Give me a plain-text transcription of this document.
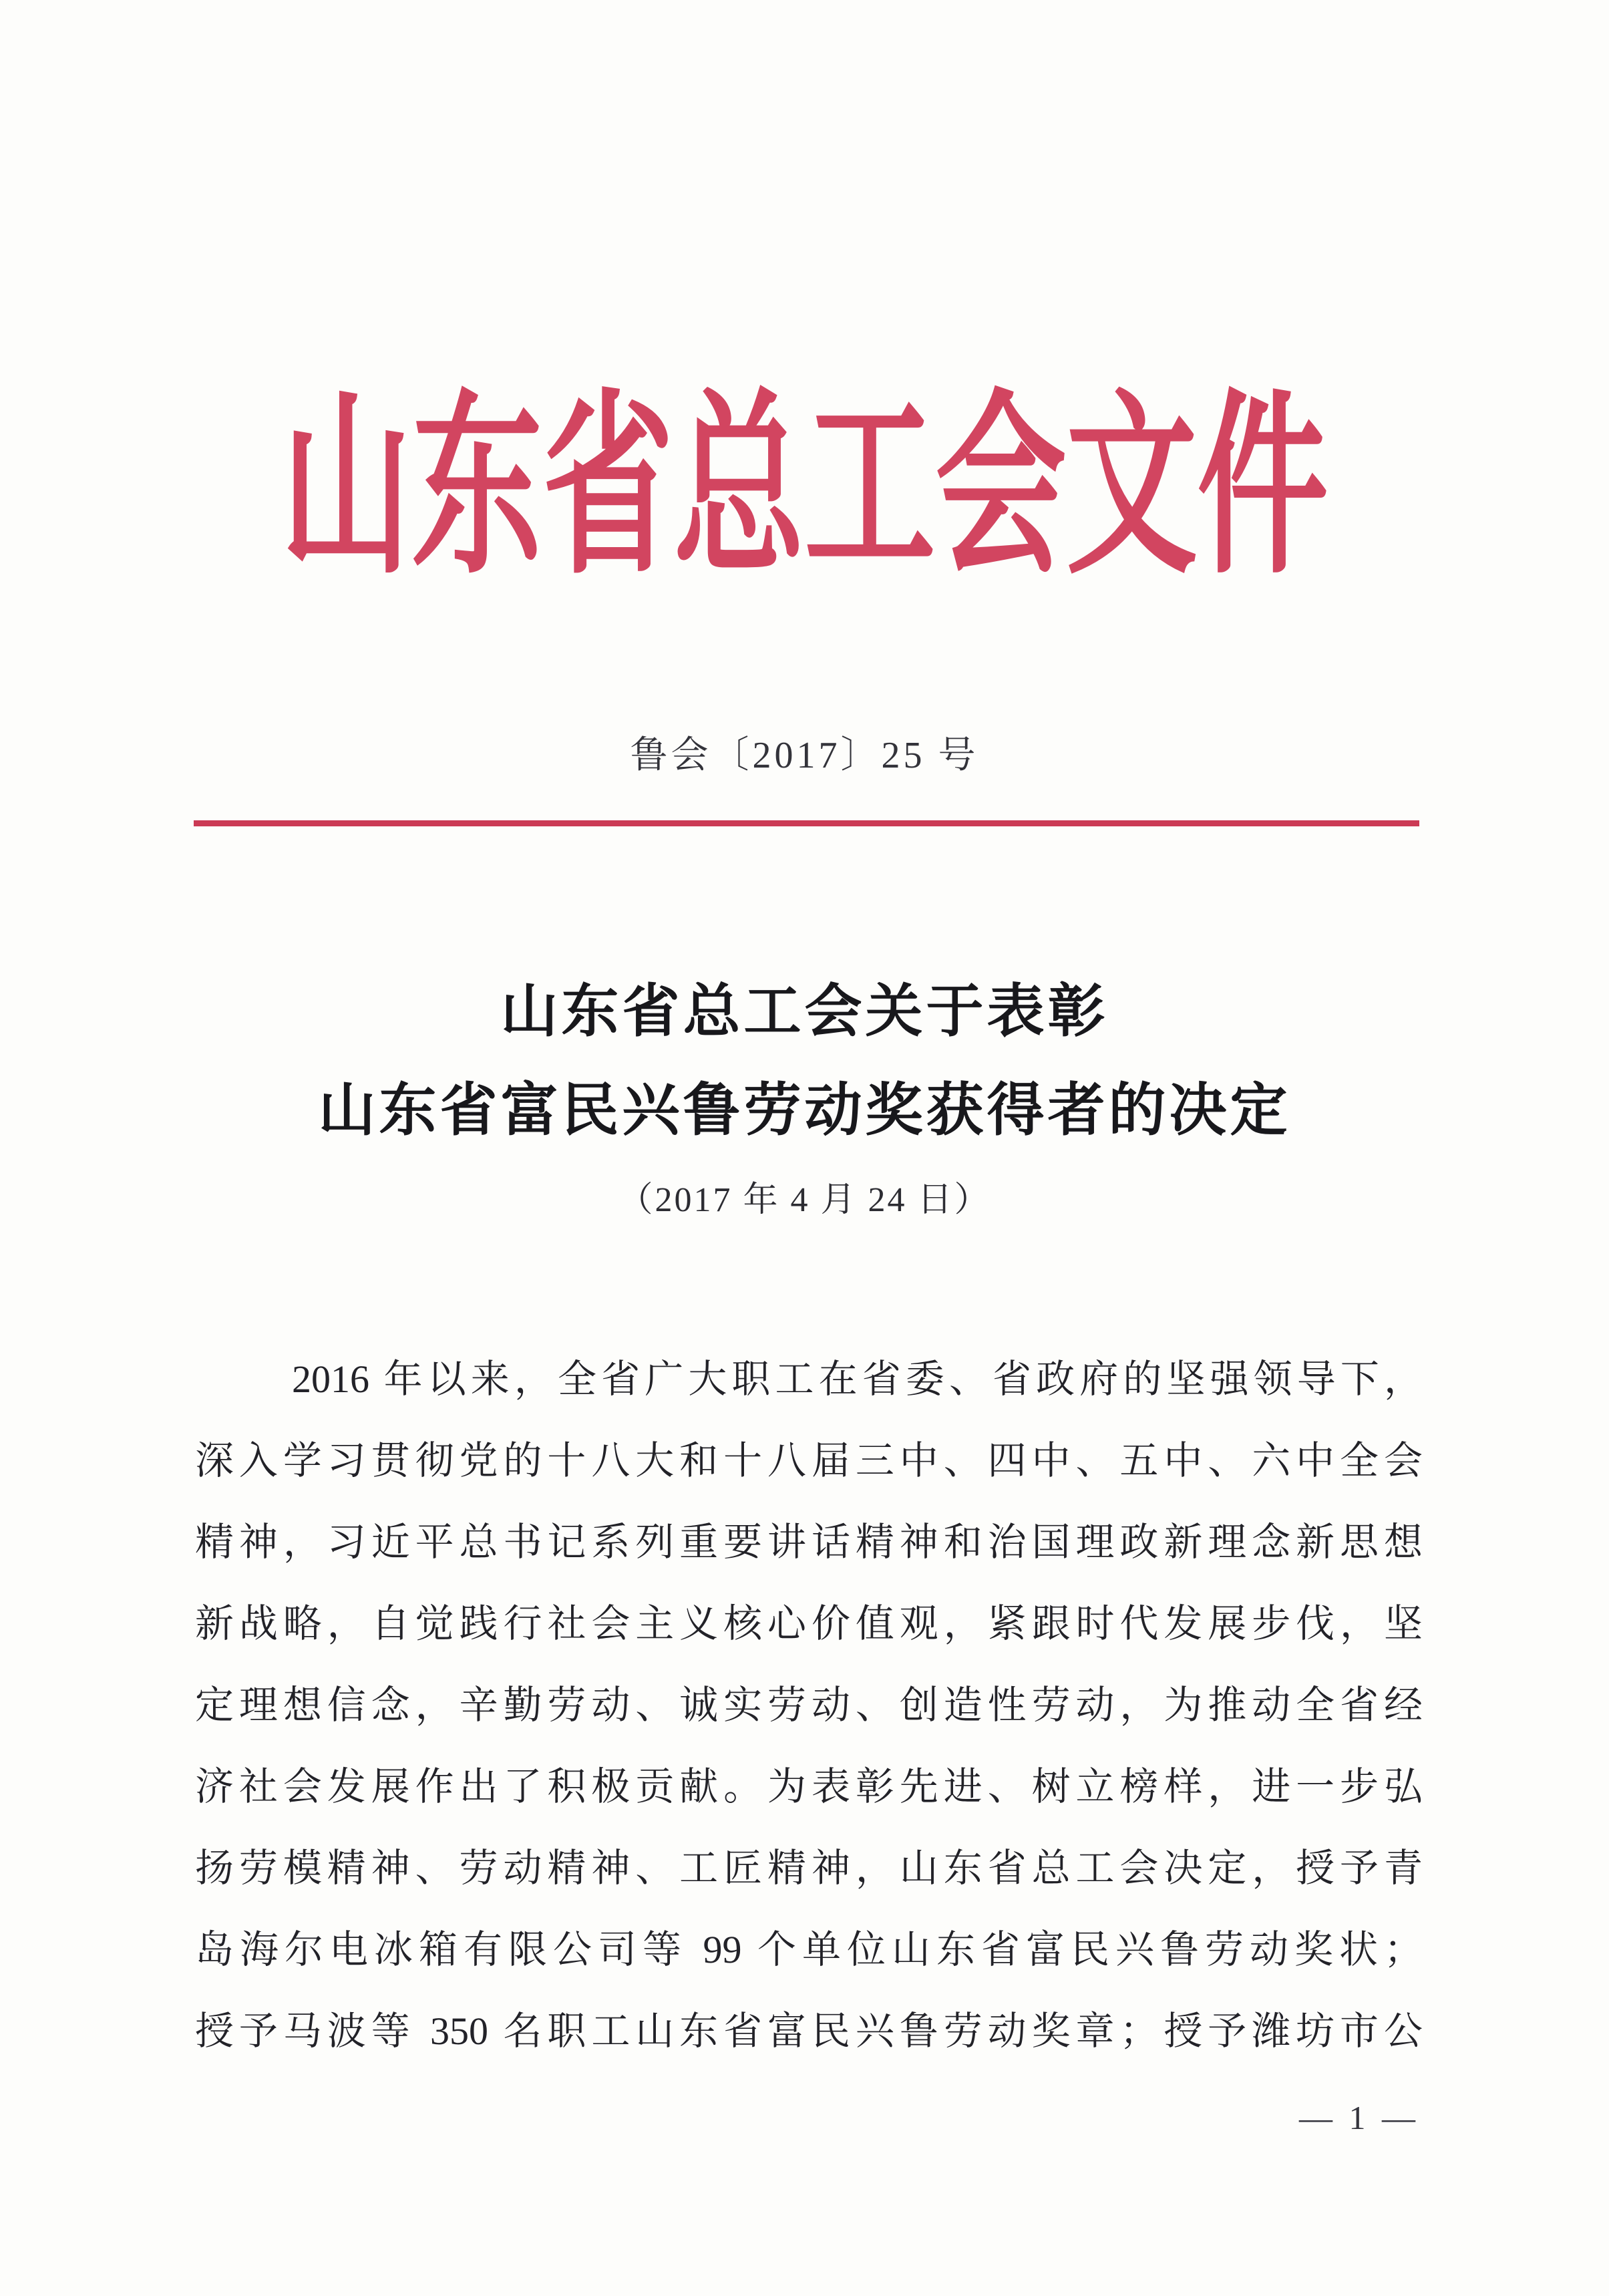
山东省总工会文件
鲁会〔2017〕25 号
山东省总工会关于表彰
山东省富民兴鲁劳动奖获得者的决定
（2017 年 4 月 24 日）
2016 年以来，全省广大职工在省委、省政府的坚强领导下，
深入学习贯彻党的十八大和十八届三中、四中、五中、六中全会
精神，习近平总书记系列重要讲话精神和治国理政新理念新思想
新战略，自觉践行社会主义核心价值观，紧跟时代发展步伐，坚
定理想信念，辛勤劳动、诚实劳动、创造性劳动，为推动全省经
济社会发展作出了积极贡献。为表彰先进、树立榜样，进一步弘
扬劳模精神、劳动精神、工匠精神，山东省总工会决定，授予青
岛海尔电冰箱有限公司等 99 个单位山东省富民兴鲁劳动奖状；
授予马波等 350 名职工山东省富民兴鲁劳动奖章；授予潍坊市公
— 1 —
